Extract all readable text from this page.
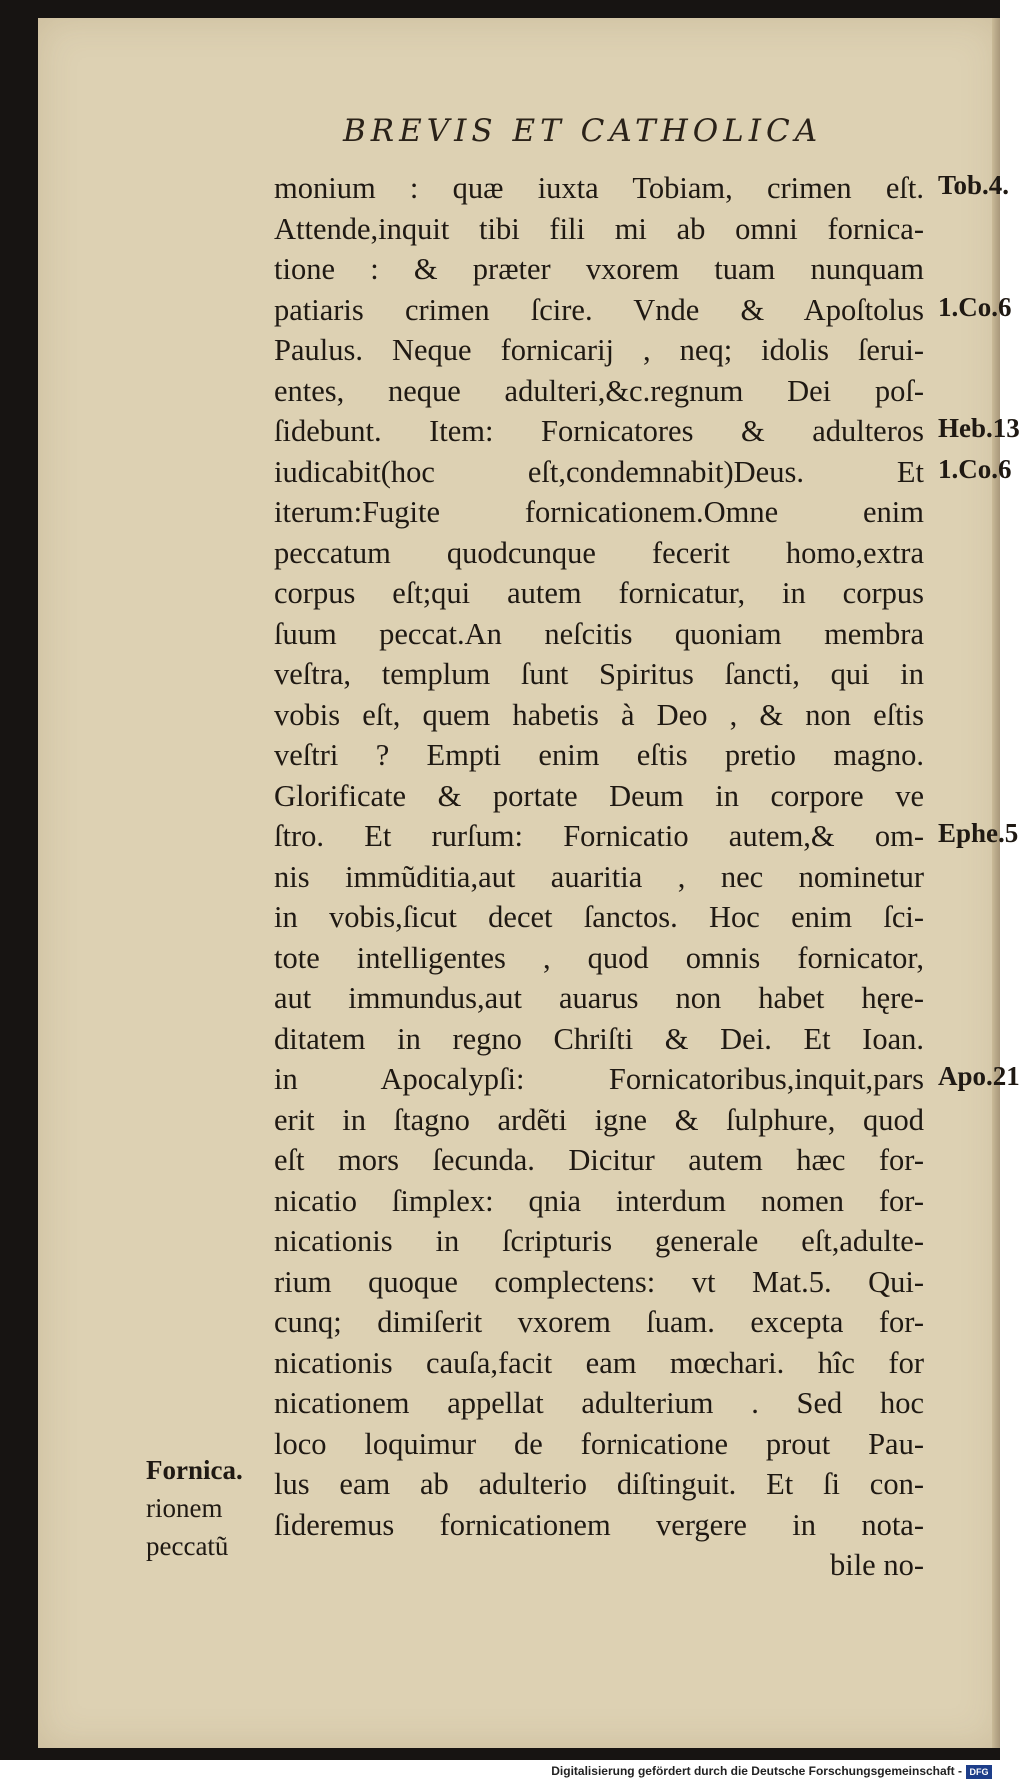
BREVIS ET CATHOLICA
monium : quæ iuxta Tobiam, crimen eſt.
Attende,inquit tibi fili mi ab omni fornica-
tione : & præter vxorem tuam nunquam
patiaris crimen ſcire. Vnde & Apoſtolus
Paulus. Neque fornicarij , neq; idolis ſerui-
entes, neque adulteri,&c.regnum Dei poſ-
ſidebunt. Item: Fornicatores & adulteros
iudicabit(hoc eſt,condemnabit)Deus. Et
iterum:Fugite fornicationem.Omne enim
peccatum quodcunque fecerit homo,extra
corpus eſt;qui autem fornicatur, in corpus
ſuum peccat.An neſcitis quoniam membra
veſtra, templum ſunt Spiritus ſancti, qui in
vobis eſt, quem habetis à Deo , & non eſtis
veſtri ? Empti enim eſtis pretio magno.
Glorificate & portate Deum in corpore ve
ſtro. Et rurſum: Fornicatio autem,& om-
nis immũditia,aut auaritia , nec nominetur
in vobis,ſicut decet ſanctos. Hoc enim ſci-
tote intelligentes , quod omnis fornicator,
aut immundus,aut auarus non habet hęre-
ditatem in regno Chriſti & Dei. Et Ioan.
in Apocalypſi: Fornicatoribus,inquit,pars
erit in ſtagno ardẽti igne & ſulphure, quod
eſt mors ſecunda. Dicitur autem hæc for-
nicatio ſimplex: qnia interdum nomen for-
nicationis in ſcripturis generale eſt,adulte-
rium quoque complectens: vt Mat.5. Qui-
cunq; dimiſerit vxorem ſuam. excepta for-
nicationis cauſa,facit eam mœchari. hîc for
nicationem appellat adulterium . Sed hoc
loco loquimur de fornicatione prout Pau-
lus eam ab adulterio diſtinguit. Et ſi con-
ſideremus fornicationem vergere in nota-
bile no-
Tob.4.
1.Co.6
Heb.13
1.Co.6
Ephe.5
Apo.21
Fornica.
rionem
peccatũ
Digitalisierung gefördert durch die Deutsche Forschungsgemeinschaft - DFG
